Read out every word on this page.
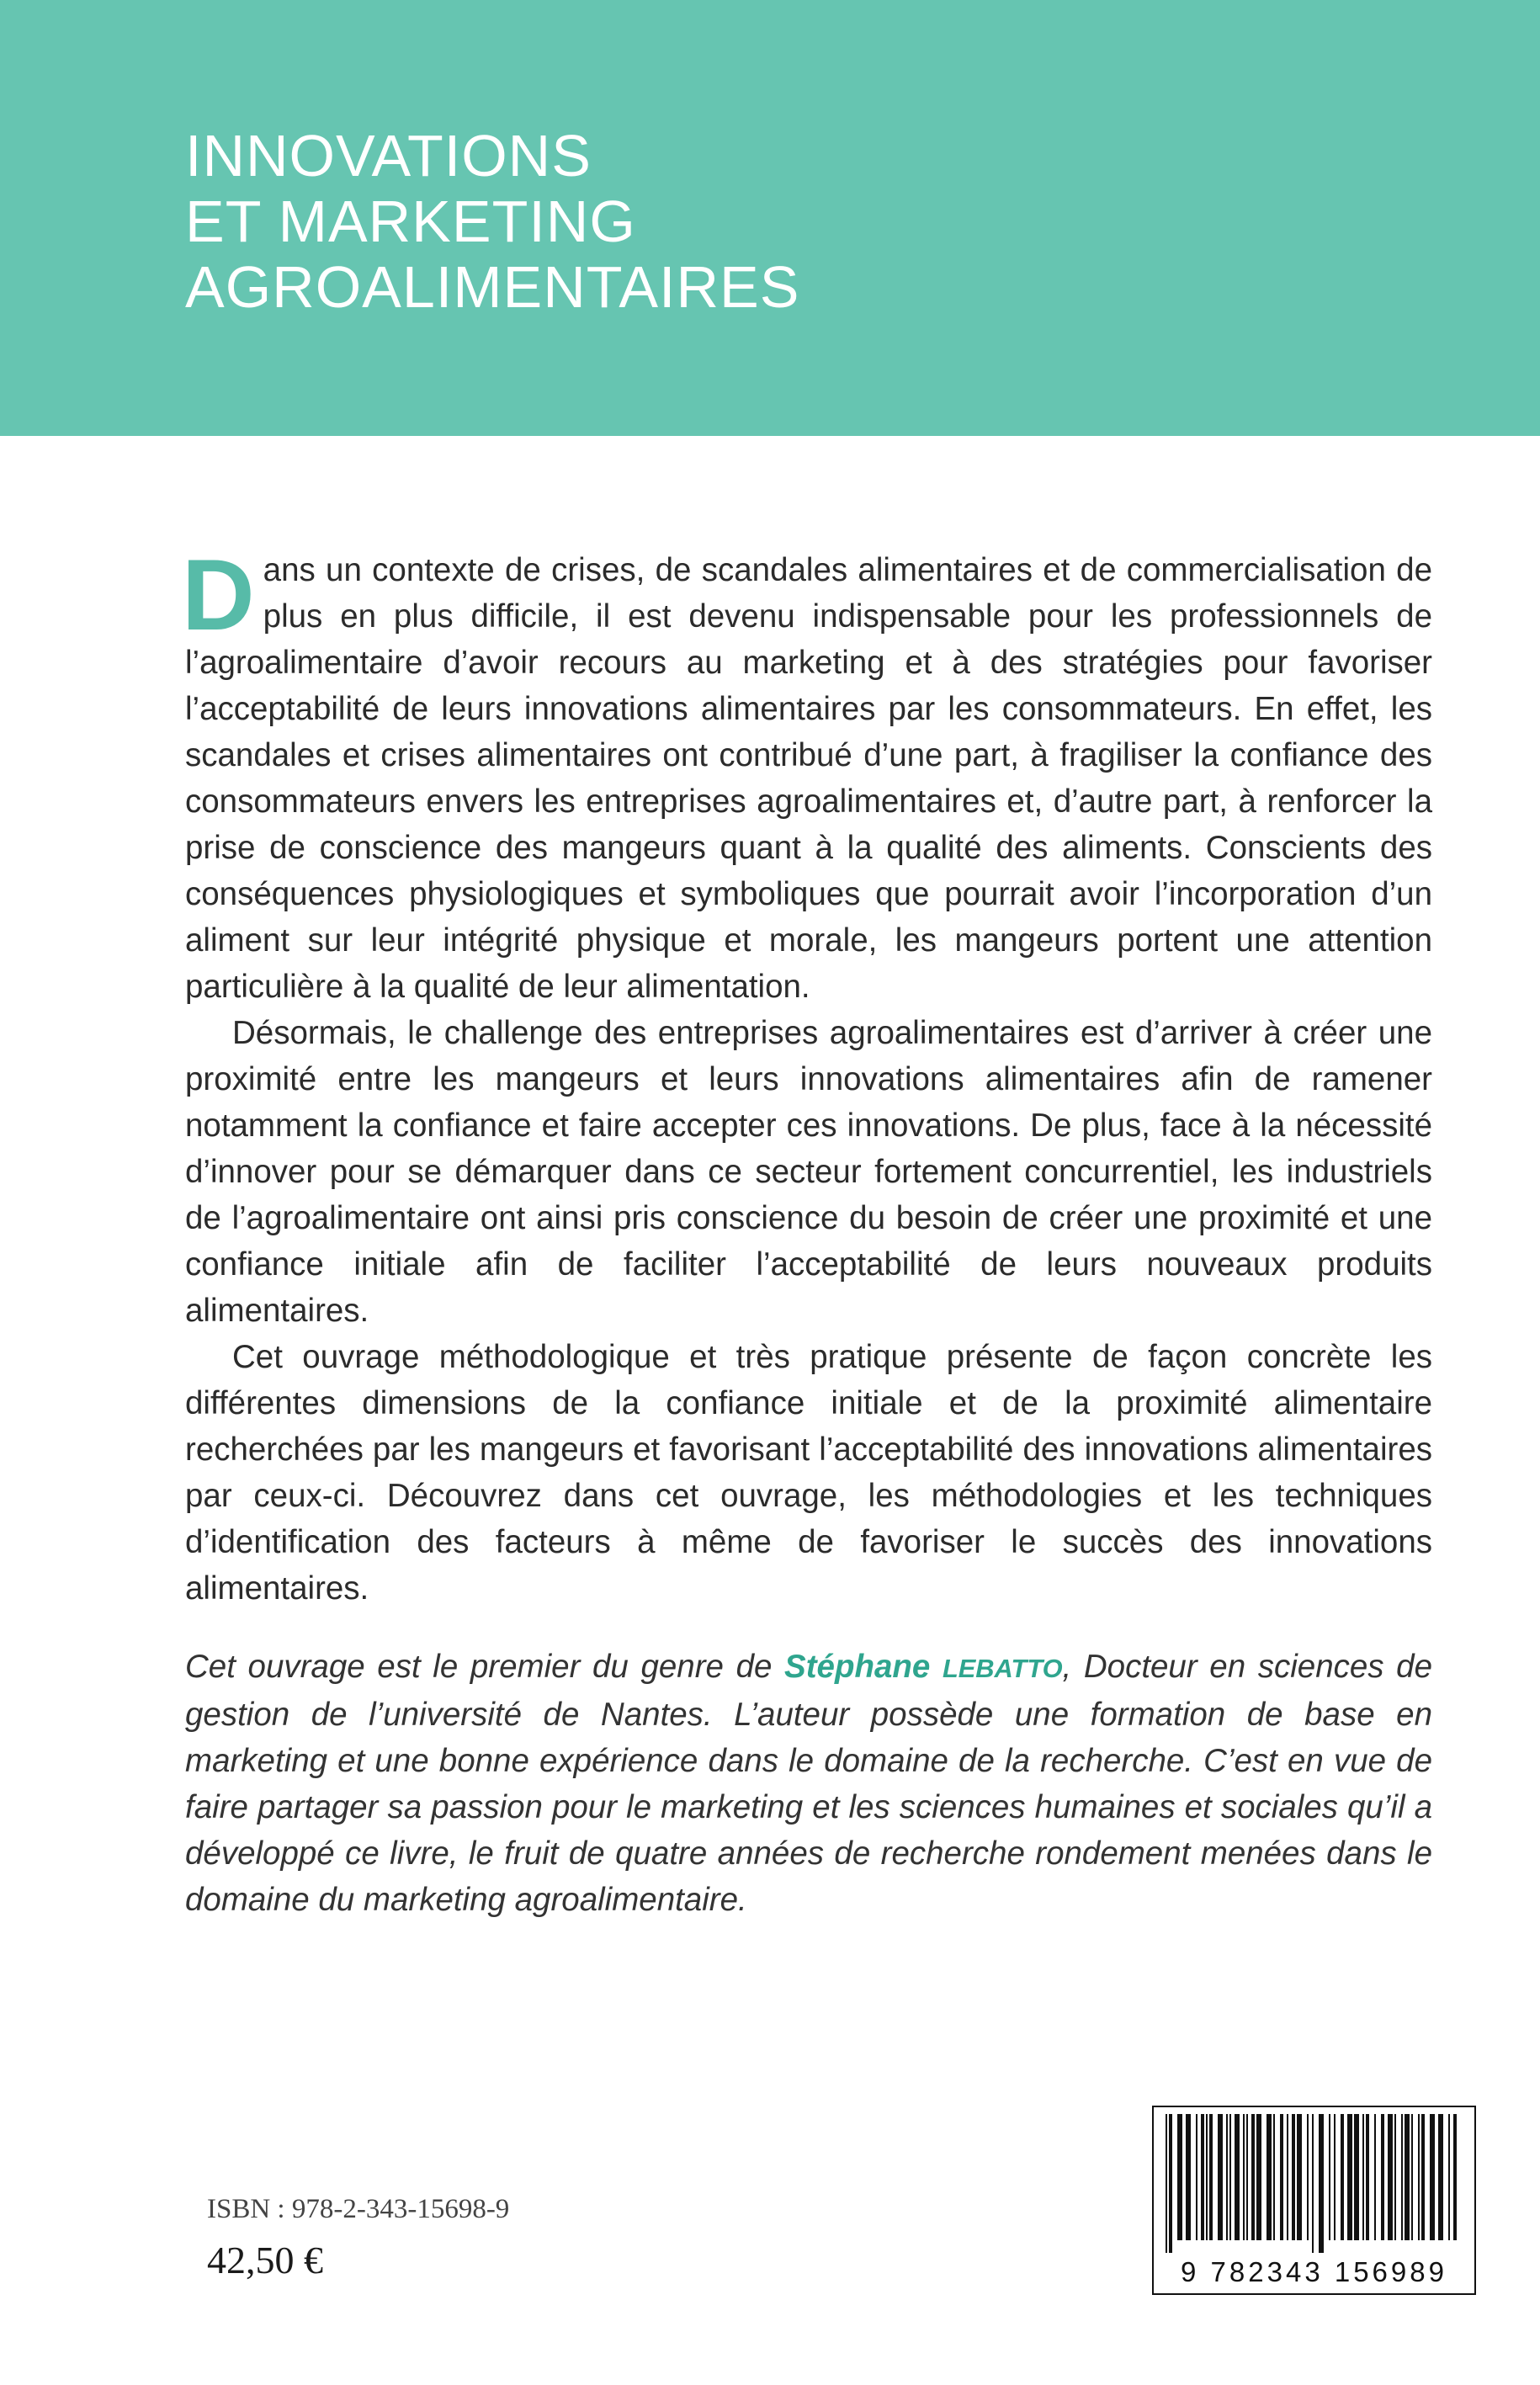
INNOVATIONS
ET MARKETING
AGROALIMENTAIRES

Dans un contexte de crises, de scandales alimentaires et de commercialisation de plus en plus difficile, il est devenu indispensable pour les professionnels de l’agroalimentaire d’avoir recours au marketing et à des stratégies pour favoriser l’acceptabilité de leurs innovations alimentaires par les consommateurs. En effet, les scandales et crises alimentaires ont contribué d’une part, à fragiliser la confiance des consommateurs envers les entreprises agroalimentaires et, d’autre part, à renforcer la prise de conscience des mangeurs quant à la qualité des aliments. Conscients des conséquences physiologiques et symboliques que pourrait avoir l’incorporation d’un aliment sur leur intégrité physique et morale, les mangeurs portent une attention particulière à la qualité de leur alimentation.

Désormais, le challenge des entreprises agroalimentaires est d’arriver à créer une proximité entre les mangeurs et leurs innovations alimentaires afin de ramener notamment la confiance et faire accepter ces innovations. De plus, face à la nécessité d’innover pour se démarquer dans ce secteur fortement concurrentiel, les industriels de l’agroalimentaire ont ainsi pris conscience du besoin de créer une proximité et une confiance initiale afin de faciliter l’acceptabilité de leurs nouveaux produits alimentaires.

Cet ouvrage méthodologique et très pratique présente de façon concrète les différentes dimensions de la confiance initiale et de la proximité alimentaire recherchées par les mangeurs et favorisant l’acceptabilité des innovations alimentaires par ceux-ci. Découvrez dans cet ouvrage, les méthodologies et les techniques d’identification des facteurs à même de favoriser le succès des innovations alimentaires.

Cet ouvrage est le premier du genre de Stéphane LEBATTO, Docteur en sciences de gestion de l’université de Nantes. L’auteur possède une formation de base en marketing et une bonne expérience dans le domaine de la recherche. C’est en vue de faire partager sa passion pour le marketing et les sciences humaines et sociales qu’il a développé ce livre, le fruit de quatre années de recherche rondement menées dans le domaine du marketing agroalimentaire.

ISBN : 978-2-343-15698-9
42,50 €	9 782343 156989
